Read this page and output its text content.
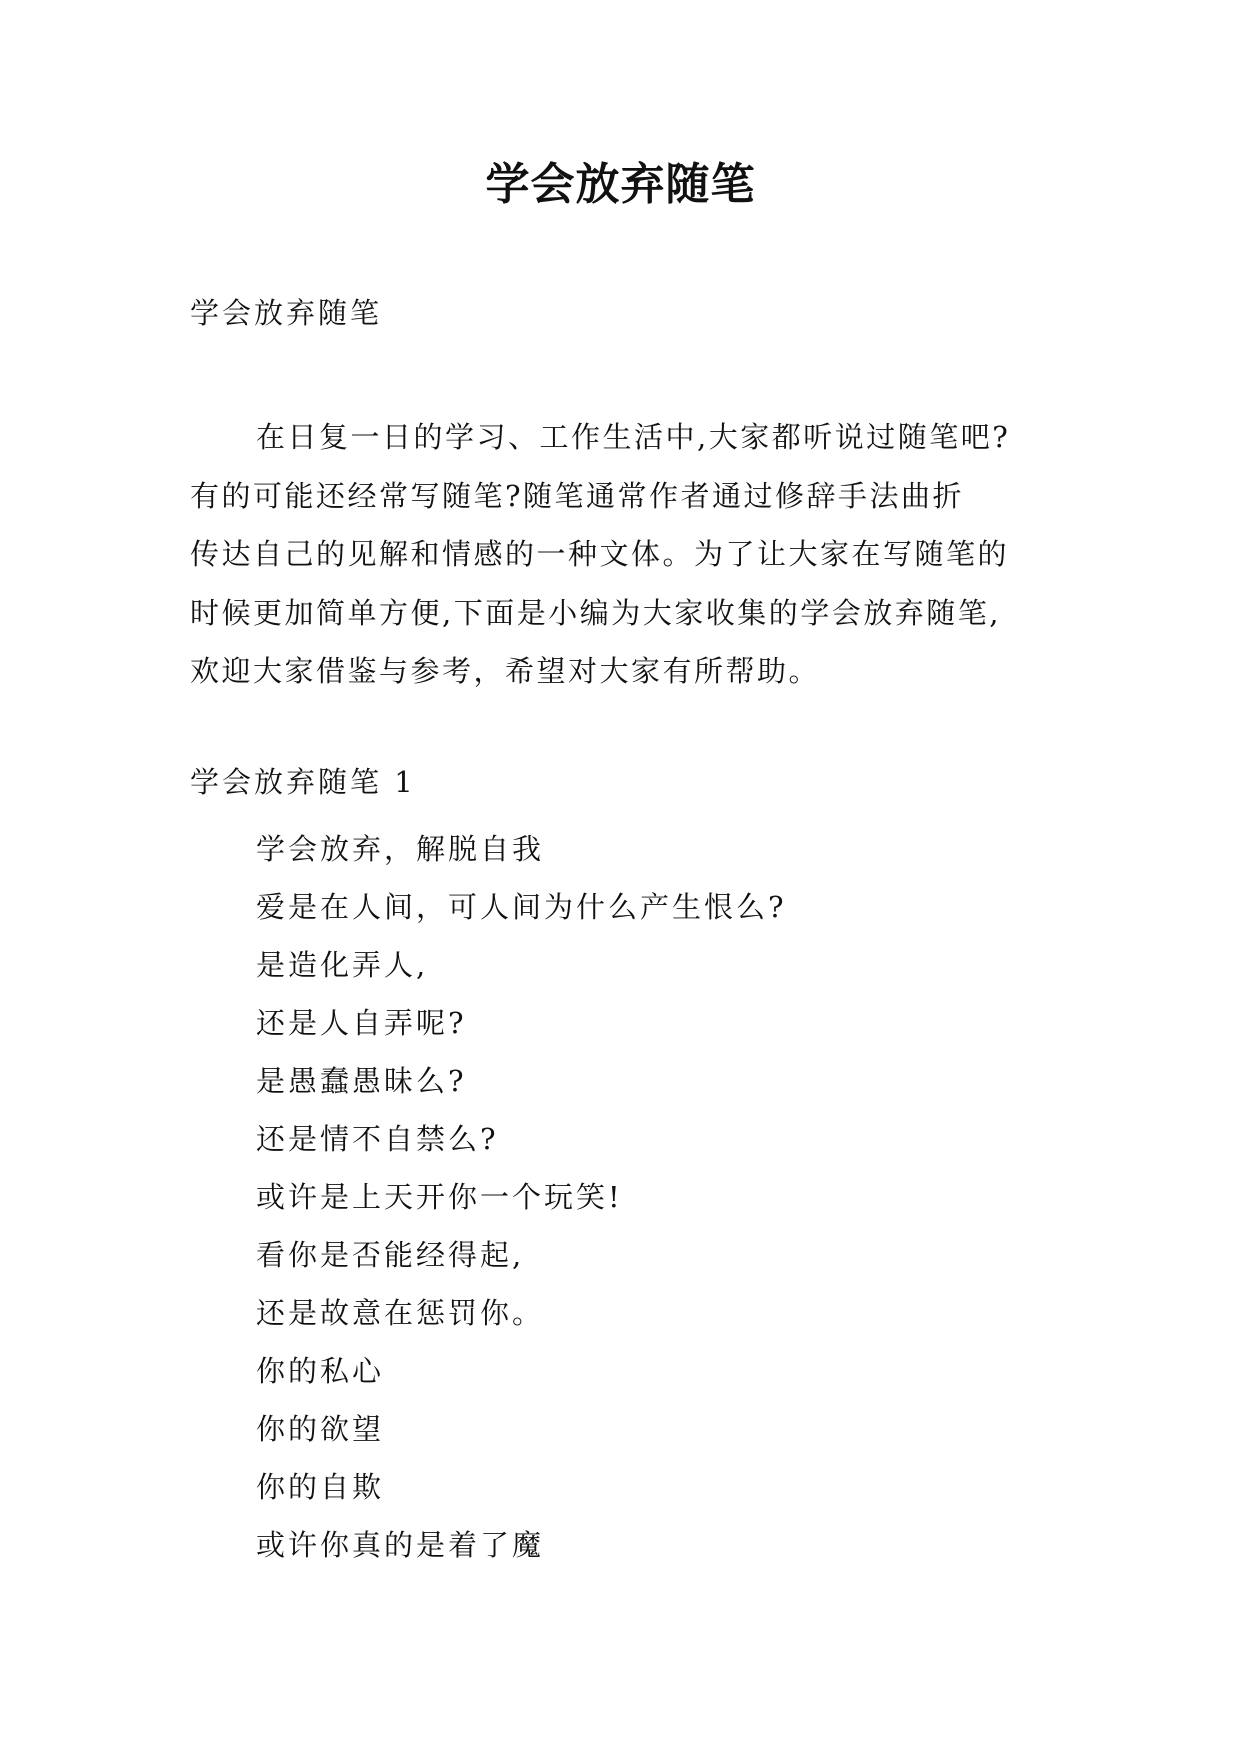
学会放弃随笔
学会放弃随笔
在日复一日的学习、工作生活中,大家都听说过随笔吧?
有的可能还经常写随笔?随笔通常作者通过修辞手法曲折
传达自己的见解和情感的一种文体。为了让大家在写随笔的
时候更加简单方便,下面是小编为大家收集的学会放弃随笔,
欢迎大家借鉴与参考，希望对大家有所帮助。
学会放弃随笔 1
学会放弃，解脱自我
爱是在人间，可人间为什么产生恨么?
是造化弄人,
还是人自弄呢?
是愚蠢愚昧么?
还是情不自禁么?
或许是上天开你一个玩笑!
看你是否能经得起,
还是故意在惩罚你。
你的私心
你的欲望
你的自欺
或许你真的是着了魔
